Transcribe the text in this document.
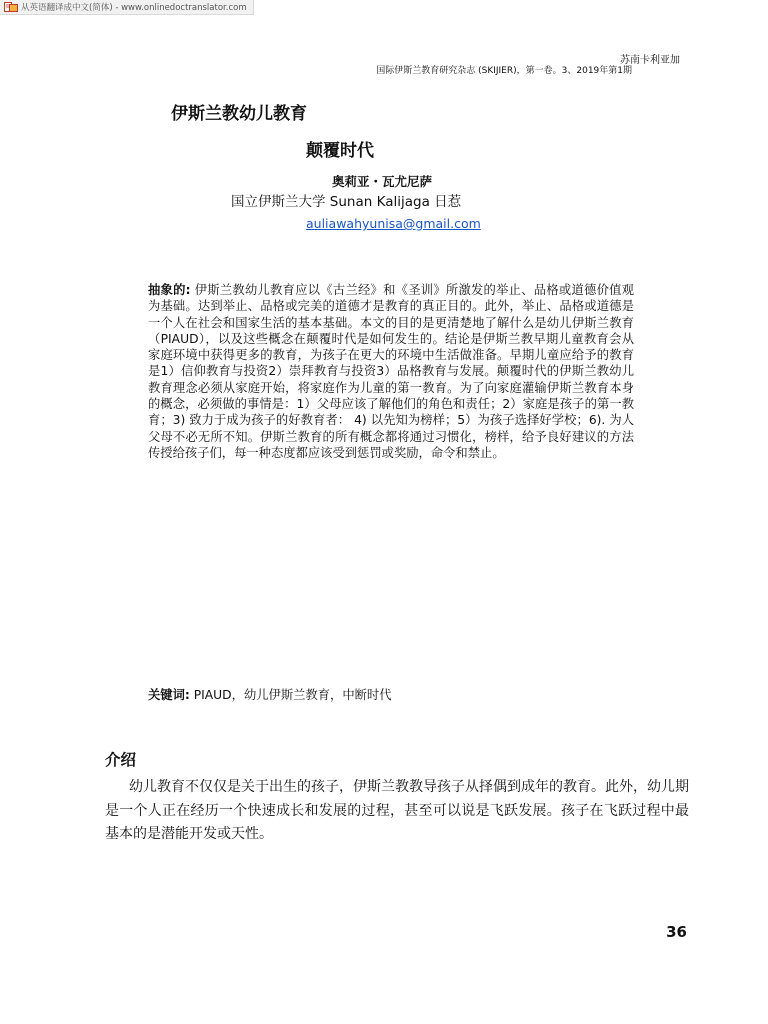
从英语翻译成中文(简体) - www.onlinedoctranslator.com
苏南卡利亚加
国际伊斯兰教育研究杂志 (SKIJIER)，第一卷。3、2019年第1期
伊斯兰教幼儿教育
颠覆时代
奥莉亚・瓦尤尼萨
国立伊斯兰大学 Sunan Kalijaga 日惹
auliawahyunisa@gmail.com

抽象的: 伊斯兰教幼儿教育应以《古兰经》和《圣训》所激发的举止、品格或道德价值观为基础。达到举止、品格或完美的道德才是教育的真正目的。此外，举止、品格或道德是一个人在社会和国家生活的基本基础。本文的目的是更清楚地了解什么是幼儿伊斯兰教育（PIAUD），以及这些概念在颠覆时代是如何发生的。结论是伊斯兰教早期儿童教育会从家庭环境中获得更多的教育，为孩子在更大的环境中生活做准备。早期儿童应给予的教育是1）信仰教育与投资2）崇拜教育与投资3）品格教育与发展。颠覆时代的伊斯兰教幼儿教育理念必须从家庭开始，将家庭作为儿童的第一教育。为了向家庭灌输伊斯兰教育本身的概念，必须做的事情是：1）父母应该了解他们的角色和责任；2）家庭是孩子的第一教育；3) 致力于成为孩子的好教育者： 4) 以先知为榜样；5）为孩子选择好学校；6). 为人父母不必无所不知。伊斯兰教育的所有概念都将通过习惯化，榜样，给予良好建议的方法传授给孩子们，每一种态度都应该受到惩罚或奖励，命令和禁止。

关键词: PIAUD，幼儿伊斯兰教育，中断时代

介绍

幼儿教育不仅仅是关于出生的孩子，伊斯兰教教导孩子从择偶到成年的教育。此外，幼儿期是一个人正在经历一个快速成长和发展的过程，甚至可以说是飞跃发展。孩子在飞跃过程中最基本的是潜能开发或天性。

36
